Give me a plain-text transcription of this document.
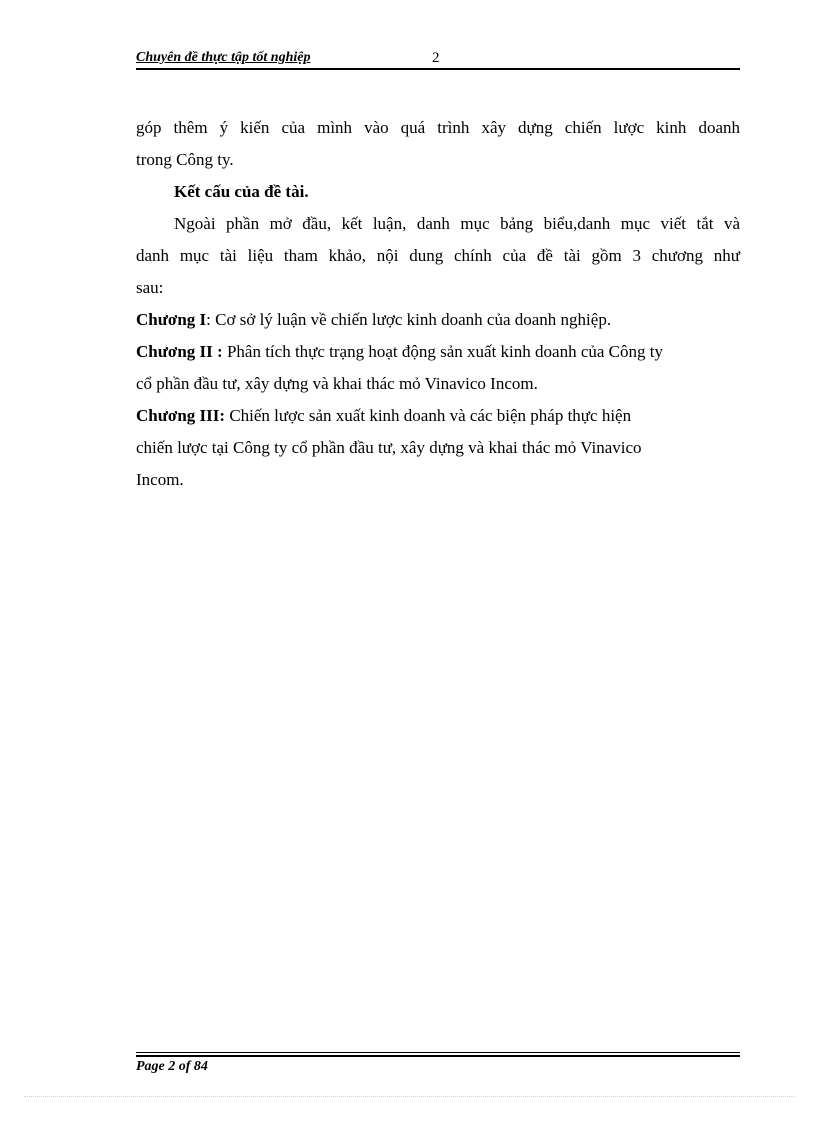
Chuyên đề thực tập tốt nghiệp	2

góp thêm ý kiến của mình vào quá trình xây dựng chiến lược kinh doanh

trong Công ty.

Kết cấu của đề tài.

Ngoài phần mở đầu, kết luận, danh mục bảng biểu,danh mục viết tắt và

danh mục tài liệu tham khảo, nội dung chính của đề tài gồm 3 chương như

sau:

Chương I: Cơ sở lý luận về chiến lược kinh doanh của doanh nghiệp.

Chương II : Phân tích thực trạng hoạt động sản xuất kinh doanh của Công ty

cổ phần đầu tư, xây dựng và khai thác mỏ Vinavico Incom.

Chương III: Chiến lược sản xuất kinh doanh và các biện pháp thực hiện

chiến lược tại Công ty cổ phần đầu tư, xây dựng và khai thác mỏ Vinavico

Incom.

Page 2 of 84
